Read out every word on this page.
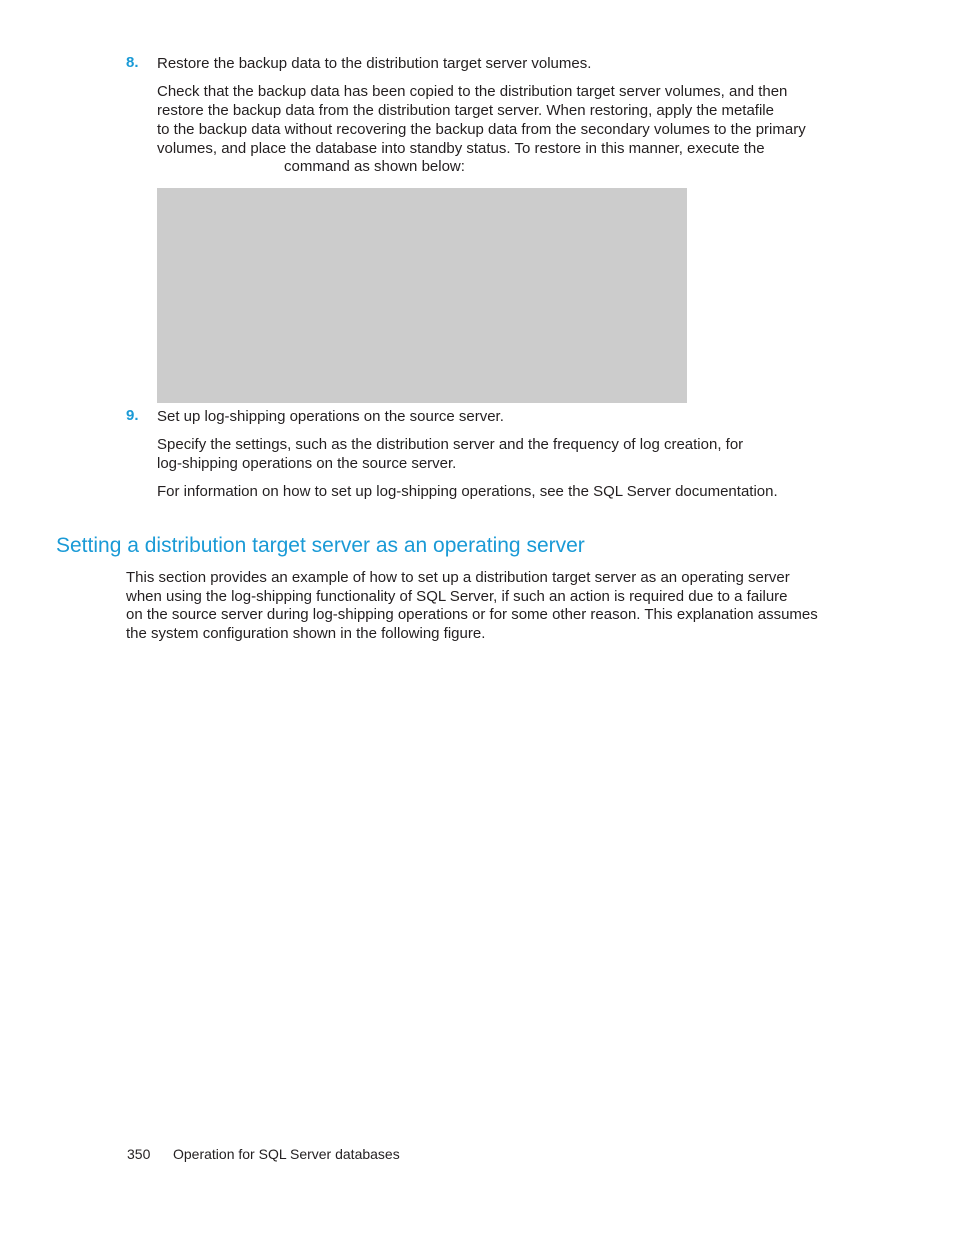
8. Restore the backup data to the distribution target server volumes.
Check that the backup data has been copied to the distribution target server volumes, and then
restore the backup data from the distribution target server. When restoring, apply the metafile
to the backup data without recovering the backup data from the secondary volumes to the primary
volumes, and place the database into standby status. To restore in this manner, execute the
command as shown below:
9. Set up log-shipping operations on the source server.
Specify the settings, such as the distribution server and the frequency of log creation, for
log-shipping operations on the source server.
For information on how to set up log-shipping operations, see the SQL Server documentation.
Setting a distribution target server as an operating server
This section provides an example of how to set up a distribution target server as an operating server
when using the log-shipping functionality of SQL Server, if such an action is required due to a failure
on the source server during log-shipping operations or for some other reason. This explanation assumes
the system configuration shown in the following figure.
350 Operation for SQL Server databases
